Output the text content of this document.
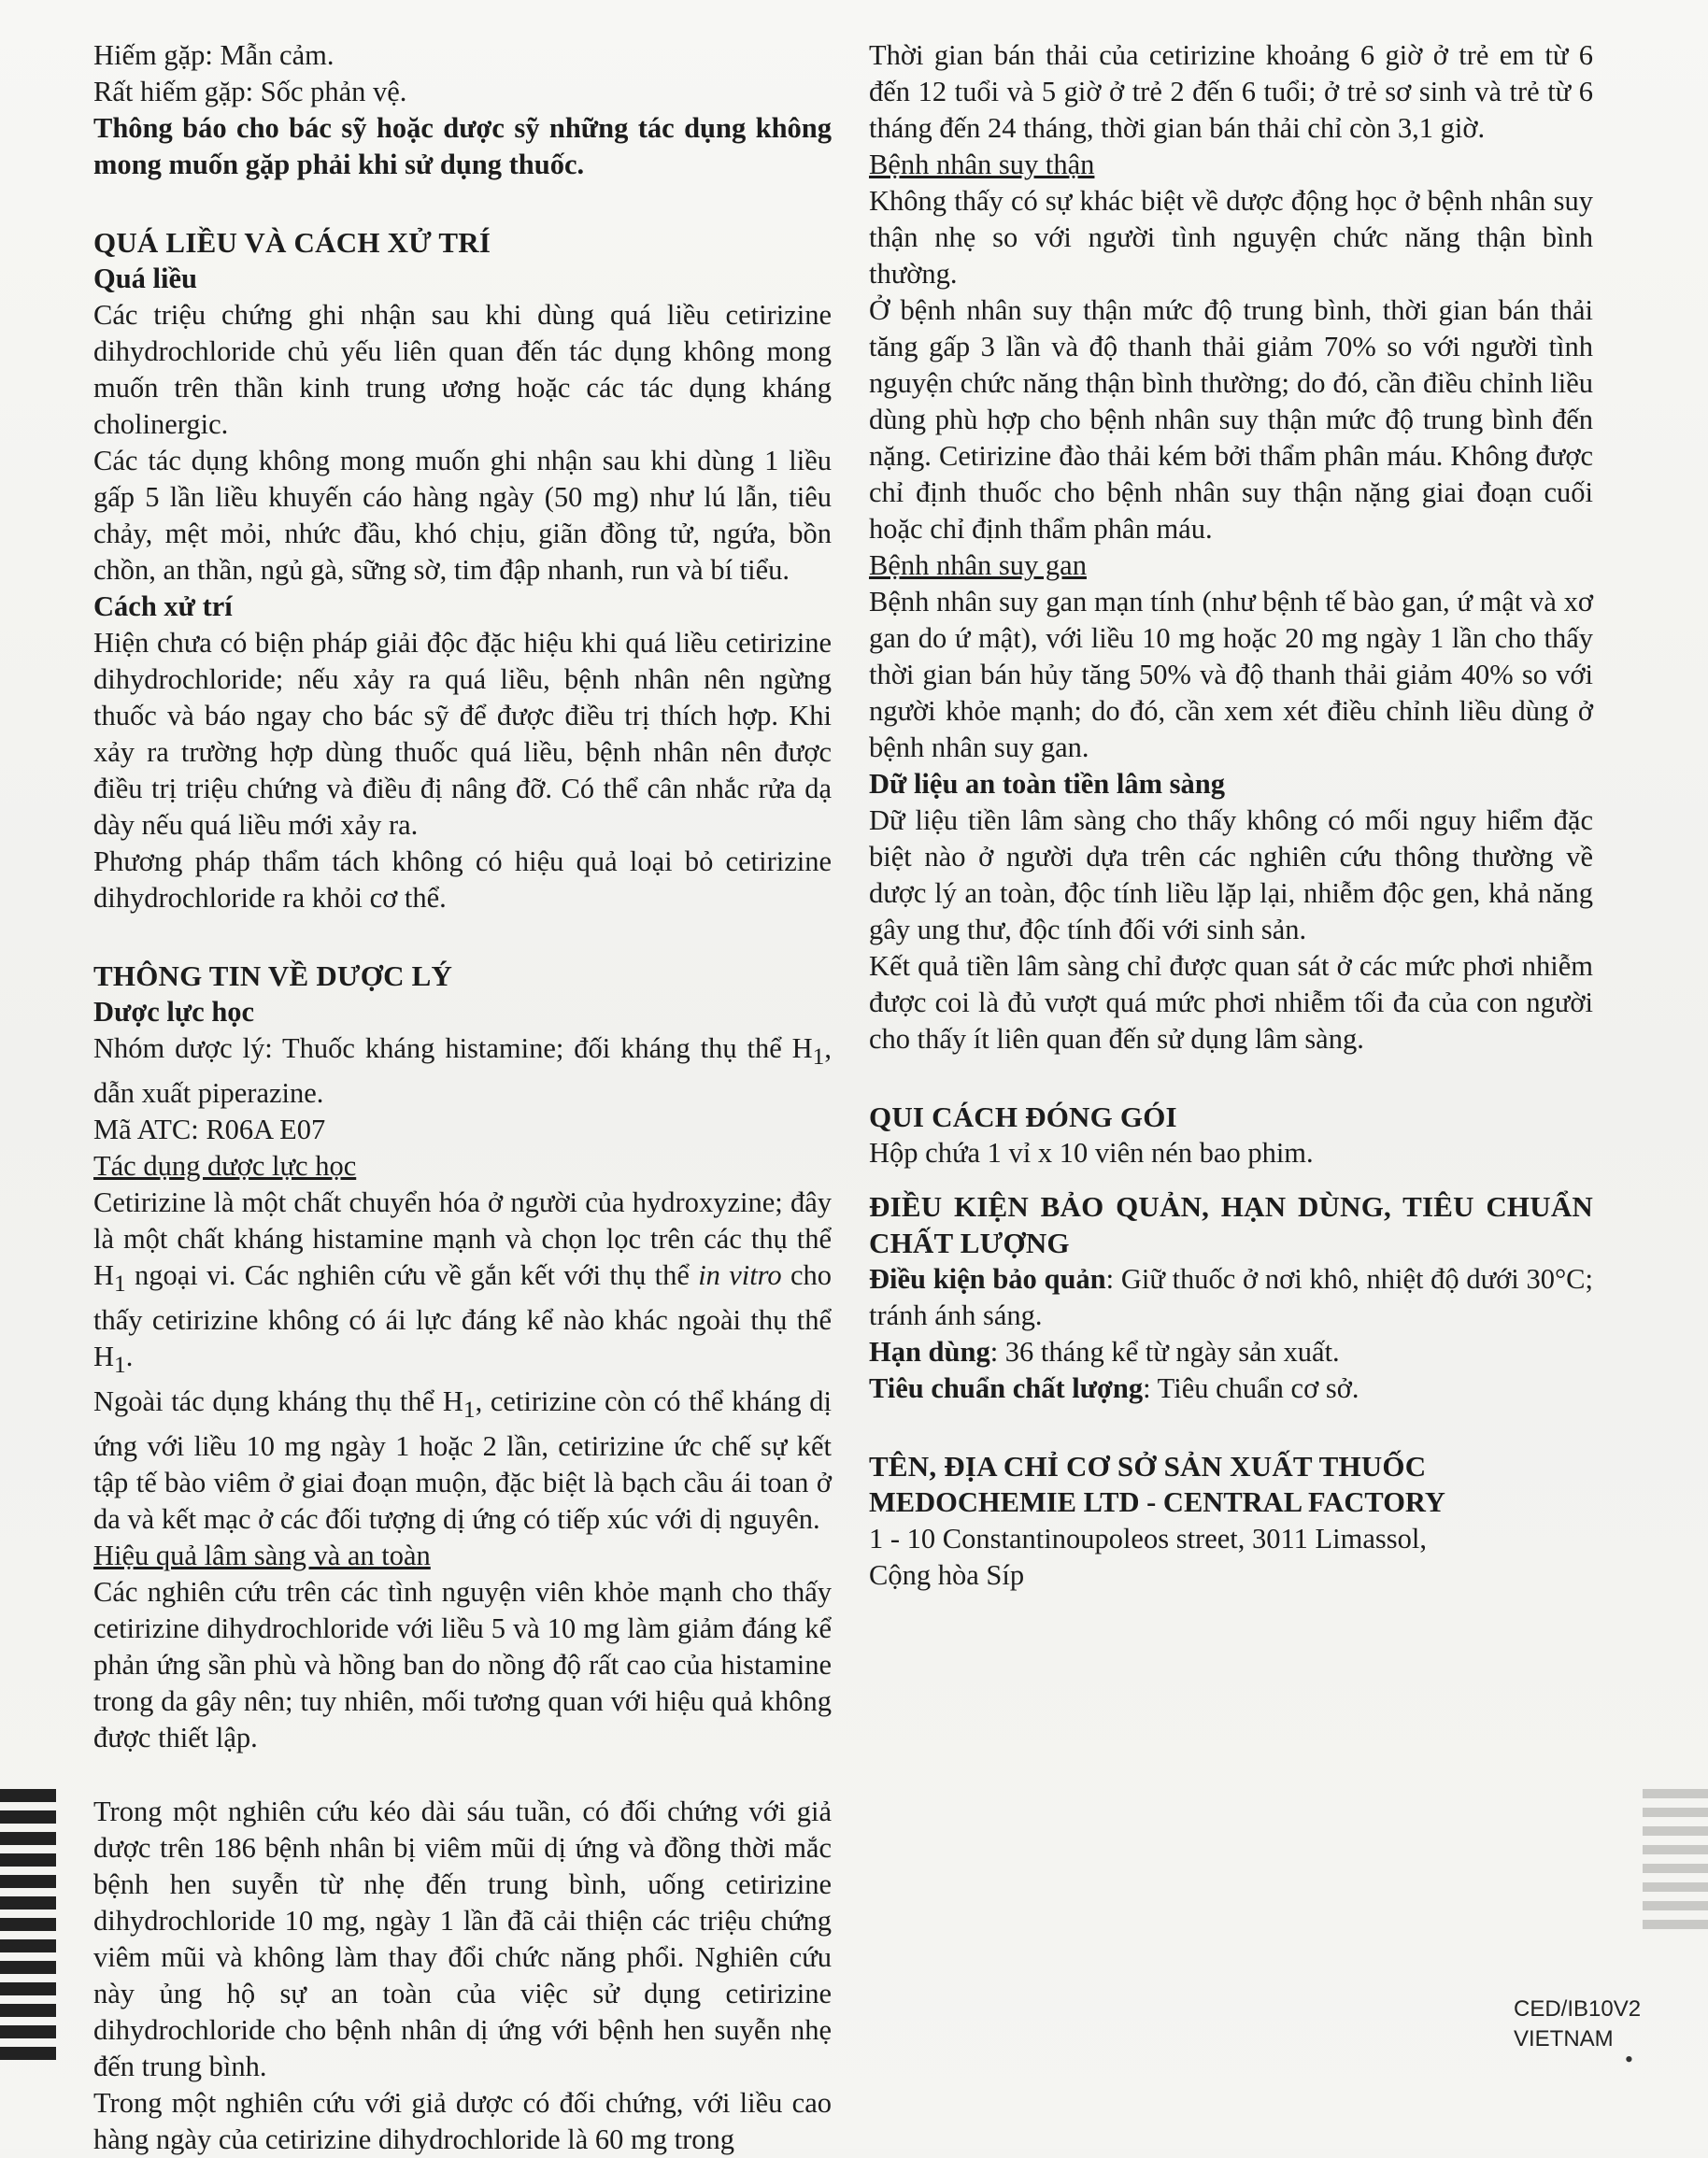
Hiếm gặp: Mẫn cảm.

Rất hiếm gặp: Sốc phản vệ.

Thông báo cho bác sỹ hoặc dược sỹ những tác dụng không mong muốn gặp phải khi sử dụng thuốc.

QUÁ LIỀU VÀ CÁCH XỬ TRÍ

Quá liều

Các triệu chứng ghi nhận sau khi dùng quá liều cetirizine dihydrochloride chủ yếu liên quan đến tác dụng không mong muốn trên thần kinh trung ương hoặc các tác dụng kháng cholinergic.

Các tác dụng không mong muốn ghi nhận sau khi dùng 1 liều gấp 5 lần liều khuyến cáo hàng ngày (50 mg) như lú lẫn, tiêu chảy, mệt mỏi, nhức đầu, khó chịu, giãn đồng tử, ngứa, bồn chồn, an thần, ngủ gà, sững sờ, tim đập nhanh, run và bí tiểu.

Cách xử trí

Hiện chưa có biện pháp giải độc đặc hiệu khi quá liều cetirizine dihydrochloride; nếu xảy ra quá liều, bệnh nhân nên ngừng thuốc và báo ngay cho bác sỹ để được điều trị thích hợp. Khi xảy ra trường hợp dùng thuốc quá liều, bệnh nhân nên được điều trị triệu chứng và điều đị nâng đỡ. Có thể cân nhắc rửa dạ dày nếu quá liều mới xảy ra.

Phương pháp thẩm tách không có hiệu quả loại bỏ cetirizine dihydrochloride ra khỏi cơ thể.

THÔNG TIN VỀ DƯỢC LÝ

Dược lực học

Nhóm dược lý: Thuốc kháng histamine; đối kháng thụ thể $H_1$, dẫn xuất piperazine.

Mã ATC: R06A E07

Tác dụng dược lực học

Cetirizine là một chất chuyển hóa ở người của hydroxyzine; đây là một chất kháng histamine mạnh và chọn lọc trên các thụ thể $H_1$ ngoại vi. Các nghiên cứu về gắn kết với thụ thể in vitro cho thấy cetirizine không có ái lực đáng kể nào khác ngoài thụ thể $H_1$.

Ngoài tác dụng kháng thụ thể $H_1$, cetirizine còn có thể kháng dị ứng với liều 10 mg ngày 1 hoặc 2 lần, cetirizine ức chế sự kết tập tế bào viêm ở giai đoạn muộn, đặc biệt là bạch cầu ái toan ở da và kết mạc ở các đối tượng dị ứng có tiếp xúc với dị nguyên.

Hiệu quả lâm sàng và an toàn

Các nghiên cứu trên các tình nguyện viên khỏe mạnh cho thấy cetirizine dihydrochloride với liều 5 và 10 mg làm giảm đáng kể phản ứng sần phù và hồng ban do nồng độ rất cao của histamine trong da gây nên; tuy nhiên, mối tương quan với hiệu quả không được thiết lập.

Trong một nghiên cứu kéo dài sáu tuần, có đối chứng với giả dược trên 186 bệnh nhân bị viêm mũi dị ứng và đồng thời mắc bệnh hen suyễn từ nhẹ đến trung bình, uống cetirizine dihydrochloride 10 mg, ngày 1 lần đã cải thiện các triệu chứng viêm mũi và không làm thay đổi chức năng phổi. Nghiên cứu này ủng hộ sự an toàn của việc sử dụng cetirizine dihydrochloride cho bệnh nhân dị ứng với bệnh hen suyễn nhẹ đến trung bình.

Trong một nghiên cứu với giả dược có đối chứng, với liều cao hàng ngày của cetirizine dihydrochloride là 60 mg trong

Thời gian bán thải của cetirizine khoảng 6 giờ ở trẻ em từ 6 đến 12 tuổi và 5 giờ ở trẻ 2 đến 6 tuổi; ở trẻ sơ sinh và trẻ từ 6 tháng đến 24 tháng, thời gian bán thải chỉ còn 3,1 giờ.

Bệnh nhân suy thận

Không thấy có sự khác biệt về dược động học ở bệnh nhân suy thận nhẹ so với người tình nguyện chức năng thận bình thường.

Ở bệnh nhân suy thận mức độ trung bình, thời gian bán thải tăng gấp 3 lần và độ thanh thải giảm 70% so với người tình nguyện chức năng thận bình thường; do đó, cần điều chỉnh liều dùng phù hợp cho bệnh nhân suy thận mức độ trung bình đến nặng. Cetirizine đào thải kém bởi thẩm phân máu. Không được chỉ định thuốc cho bệnh nhân suy thận nặng giai đoạn cuối hoặc chỉ định thẩm phân máu.

Bệnh nhân suy gan

Bệnh nhân suy gan mạn tính (như bệnh tế bào gan, ứ mật và xơ gan do ứ mật), với liều 10 mg hoặc 20 mg ngày 1 lần cho thấy thời gian bán hủy tăng 50% và độ thanh thải giảm 40% so với người khỏe mạnh; do đó, cần xem xét điều chỉnh liều dùng ở bệnh nhân suy gan.

Dữ liệu an toàn tiền lâm sàng

Dữ liệu tiền lâm sàng cho thấy không có mối nguy hiểm đặc biệt nào ở người dựa trên các nghiên cứu thông thường về dược lý an toàn, độc tính liều lặp lại, nhiễm độc gen, khả năng gây ung thư, độc tính đối với sinh sản.

Kết quả tiền lâm sàng chỉ được quan sát ở các mức phơi nhiễm được coi là đủ vượt quá mức phơi nhiễm tối đa của con người cho thấy ít liên quan đến sử dụng lâm sàng.

QUI CÁCH ĐÓNG GÓI

Hộp chứa 1 vỉ x 10 viên nén bao phim.

ĐIỀU KIỆN BẢO QUẢN, HẠN DÙNG, TIÊU CHUẨN CHẤT LƯỢNG

Điều kiện bảo quản: Giữ thuốc ở nơi khô, nhiệt độ dưới 30°C; tránh ánh sáng.

Hạn dùng: 36 tháng kể từ ngày sản xuất.

Tiêu chuẩn chất lượng: Tiêu chuẩn cơ sở.

TÊN, ĐỊA CHỈ CƠ SỞ SẢN XUẤT THUỐC

MEDOCHEMIE LTD - CENTRAL FACTORY

1 - 10 Constantinoupoleos street, 3011 Limassol,

Cộng hòa Síp

CED/IB10V2
VIETNAM
•
